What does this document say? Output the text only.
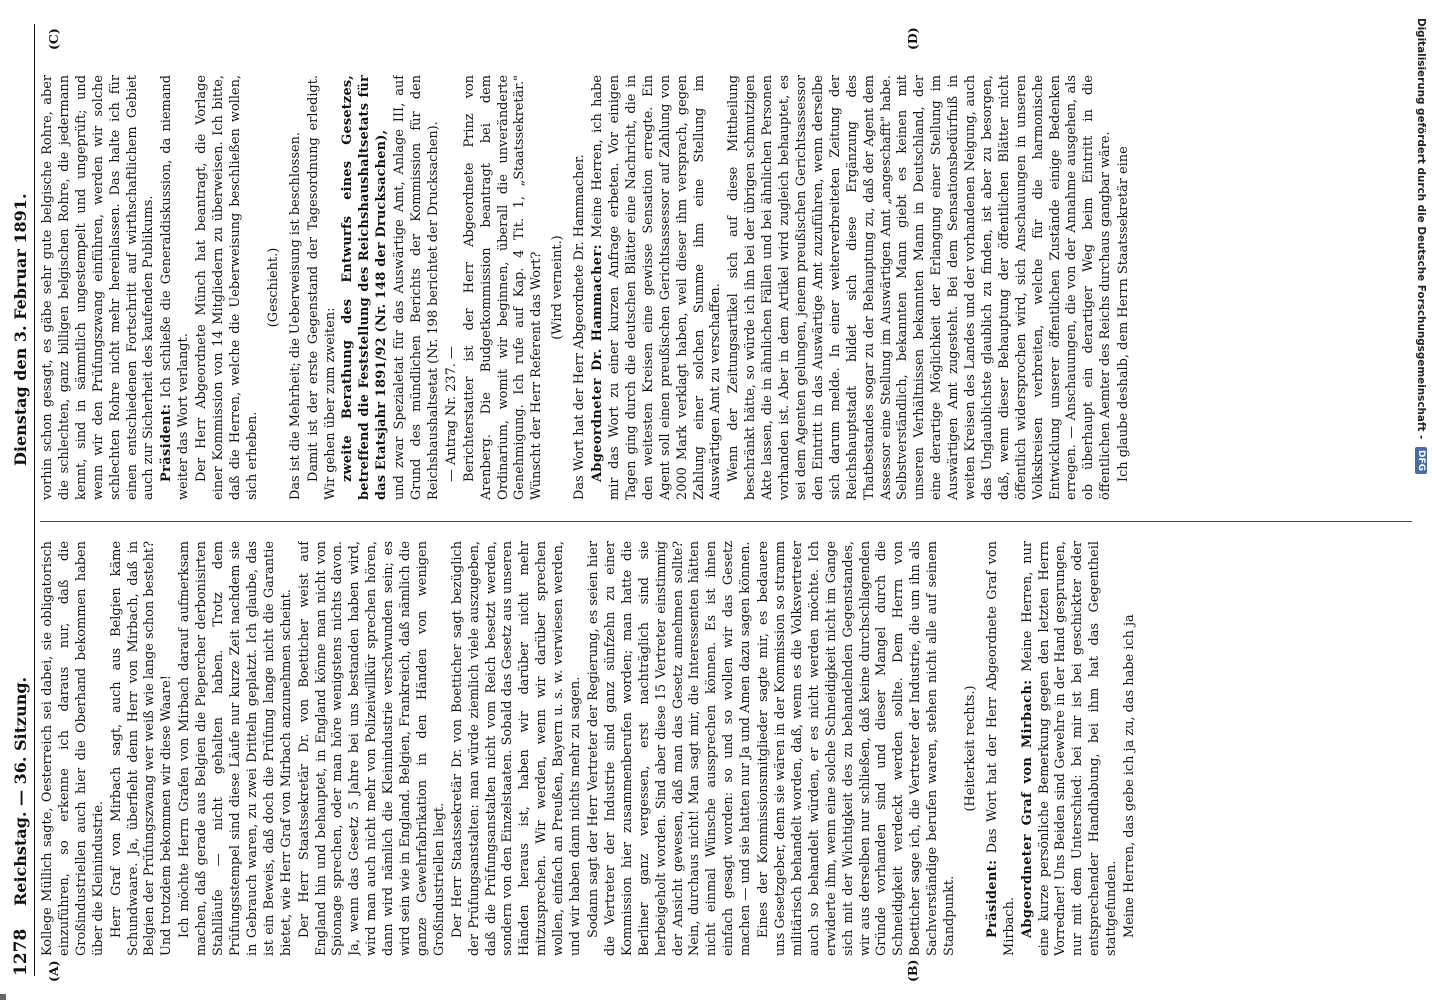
1278
Reichstag. — 36. Sitzung.
Dienstag den 3. Februar 1891.
(A)	(B)
(C)	(D)

Kollege Müllich sagte, Oesterreich sei dabei, sie obligatorisch einzuführen, so erkenne ich daraus nur, daß die Großindustriellen auch hier die Oberhand bekommen haben über die Kleinindustrie. Herr Graf von Mirbach sagt, auch aus Belgien käme Schundwaare. Ja, überfieht denn Herr von Mirbach, daß in Belgien der Prüfungszwang wer weiß wie lange schon besteht? Und trotzdem bekommen wir diese Waare! Ich möchte Herrn Grafen von Mirbach darauf aufmerksam machen, daß gerade aus Belgien die Piepercher derbonisirten Stahlläufe — nicht gehalten haben. Trotz dem Prüfungsstempel sind diese Läufe nur kurze Zeit nachdem sie in Gebrauch waren, zu zwei Dritteln geplatzt. Ich glaube, das ist ein Beweis, daß doch die Prüfung lange nicht die Garantie bietet, wie Herr Graf von Mirbach anzunehmen scheint. Der Herr Staatssekretär Dr. von Boetticher weist auf England hin und behauptet, in England könne man nicht von Spionage sprechen, oder man höre wenigstens nichts davon. Ja, wenn das Gesetz 5 Jahre bei uns bestanden haben wird, wird man auch nicht mehr von Polizeiwillkür sprechen hören, dann wird nämlich die Kleinindustrie verschwunden sein; es wird sein wie in England. Belgien, Frankreich, daß nämlich die ganze Gewehrfabrikation in den Händen von wenigen Großindustriellen liegt. Der Herr Staatssekretär Dr. von Boetticher sagt bezüglich der Prüfungsanstalten: man würde ziemlich viele auszugeben, daß die Prüfungsanstalten nicht vom Reich besetzt werden, sondern von den Einzelstaaten. Sobald das Gesetz aus unseren Händen heraus ist, haben wir darüber nicht mehr mitzusprechen. Wir werden, wenn wir darüber sprechen wollen, einfach an Preußen, Bayern u. s. w. verwiesen werden, und wir haben dann nichts mehr zu sagen. Sodann sagt der Herr Vertreter der Regierung, es seien hier die Vertreter der Industrie sind ganz sünfzehn zu einer Kommission hier zusammenberufen worden; man hatte die Berliner ganz vergessen, erst nachträglich sind sie herbeigeholt worden. Sind aber diese 15 Vertreter einstimmig der Ansicht gewesen, daß man das Gesetz annehmen sollte? Nein, durchaus nicht! Man sagt mir, die Interessenten hätten nicht einmal Wünsche aussprechen können. Es ist ihnen einfach gesagt worden: so und so wollen wir das Gesetz machen — und sie hatten nur Ja und Amen dazu sagen können. Eines der Kommissionsmitglieder sagte mir, es bedauere uns Gesetzgeber, denn sie wären in der Kommission so stramm militärisch behandelt worden, daß, wenn es die Volksvertreter auch so behandelt würden, er es nicht werden möchte. Ich erwiderte ihm, wenn eine solche Schneidigkeit nicht im Gange sich mit der Wichtigkeit des zu behandelnden Gegenstandes, wir aus derselben nur schließen, daß keine durchschlagenden Gründe vorhanden sind und dieser Mangel durch die Schneidigkeit verdeckt werden sollte. Dem Herrn von Boetticher sage ich, die Vertreter der Industrie, die um ihn als Sachverständige berufen waren, stehen nicht alle auf seinem Standpunkt.

(Heiterkeit rechts.)

Präsident: Das Wort hat der Herr Abgeordnete Graf von Mirbach. Abgeordneter Graf von Mirbach: Meine Herren, nur eine kurze persönliche Bemerkung gegen den letzten Herrn Vorredner! Uns Beiden sind Gewehre in der Hand gesprungen, nur mit dem Unterschied: bei mir ist bei geschickter oder entsprechender Handhabung, bei ihm hat das Gegentheil stattgefunden. Meine Herren, das gebe ich ja zu, das habe ich ja

vorhin schon gesagt, es gäbe sehr gute belgische Rohre, aber die schlechten, ganz billigen belgischen Rohre, die jedermann kennt, sind in sämmtlich ungestempelt und ungeprüft; und wenn wir den Prüfungszwang einführen, werden wir solche schlechten Rohre nicht mehr hereinlassen. Das halte ich für einen entschiedenen Fortschritt auf wirthschaftlichem Gebiet auch zur Sicherheit des kaufenden Publikums. Präsident: Ich schließe die Generaldiskussion, da niemand weiter das Wort verlangt. Der Herr Abgeordnete Münch hat beantragt, die Vorlage einer Kommission von 14 Mitgliedern zu überweisen. Ich bitte, daß die Herren, welche die Ueberweisung beschließen wollen, sich erheben.

(Geschieht.) Das ist die Mehrheit; die Ueberweisung ist beschlossen. Damit ist der erste Gegenstand der Tagesordnung erledigt. Wir gehen über zum zweiten: zweite Berathung des Entwurfs eines Gesetzes, betreffend die Feststellung des Reichshaushaltsetats für das Etatsjahr 1891/92 (Nr. 148 der Drucksachen), und zwar Spezialetat für das Auswärtige Amt, Anlage III, auf Grund des mündlichen Berichts der Kommission für den Reichshaushaltsetat (Nr. 198 berichtet der Drucksachen). — Antrag Nr. 237. — Berichterstatter ist der Herr Abgeordnete Prinz von Arenberg. Die Budgetkommission beantragt bei dem Ordinarium, womit wir beginnen, überall die unveränderte Genehmigung. Ich rufe auf Kap. 4 Tit. 1, „Staatssekretär." Wünscht der Herr Referent das Wort? (Wird verneint.) Das Wort hat der Herr Abgeordnete Dr. Hammacher. Abgeordneter Dr. Hammacher: Meine Herren, ich habe mir das Wort zu einer kurzen Anfrage erbeten. Vor einigen Tagen ging durch die deutschen Blätter eine Nachricht, die in den weitesten Kreisen eine gewisse Sensation erregte. Ein Agent soll einen preußischen Gerichtsassessor auf Zahlung von 2000 Mark verklagt haben, weil dieser ihm versprach, gegen Zahlung einer solchen Summe ihm eine Stellung im Auswärtigen Amt zu verschaffen. Wenn der Zeitungsartikel sich auf diese Mittheilung beschränkt hätte, so würde ich ihn bei der übrigen schmutzigen Akte lassen, die in ähnlichen Fällen und bei ähnlichen Personen vorhanden ist. Aber in dem Artikel wird zugleich behauptet, es sei dem Agenten gelungen, jenem preußischen Gerichtsassessor den Eintritt in das Auswärtige Amt zuzuführen, wenn derselbe sich darum melde. In einer weiterverbreiteten Zeitung der Reichshauptstadt bildet sich diese Ergänzung des Thatbestandes sogar zu der Behauptung zu, daß der Agent dem Assessor eine Stellung im Auswärtigen Amt „angeschafft" habe. Selbstverständlich, bekannten Mann giebt es keinen mit unseren Verhältnissen bekannten Mann in Deutschland, der eine derartige Möglichkeit der Erlangung einer Stellung im Auswärtigen Amt zugesteht. Bei dem Sensationsbedürfniß in weiten Kreisen des Landes und der vorhandenen Neigung, auch das Unglaublichste glaublich zu finden, ist aber zu besorgen, daß, wenn dieser Behauptung der öffentlichen Blätter nicht öffentlich widersprochen wird, sich Anschauungen in unseren Volkskreisen verbreiten, welche für die harmonische Entwicklung unserer öffentlichen Zustände einige Bedenken erregen. — Anschauungen, die von der Annahme ausgehen, als ob überhaupt ein derartiger Weg beim Eintritt in die öffentlichen Aemter des Reichs durchaus gangbar wäre. Ich glaube deshalb, dem Herrn Staatssekretär eine	Digitalisierung gefördert durch die Deutsche Forschungsgemeinschaft - DFG
